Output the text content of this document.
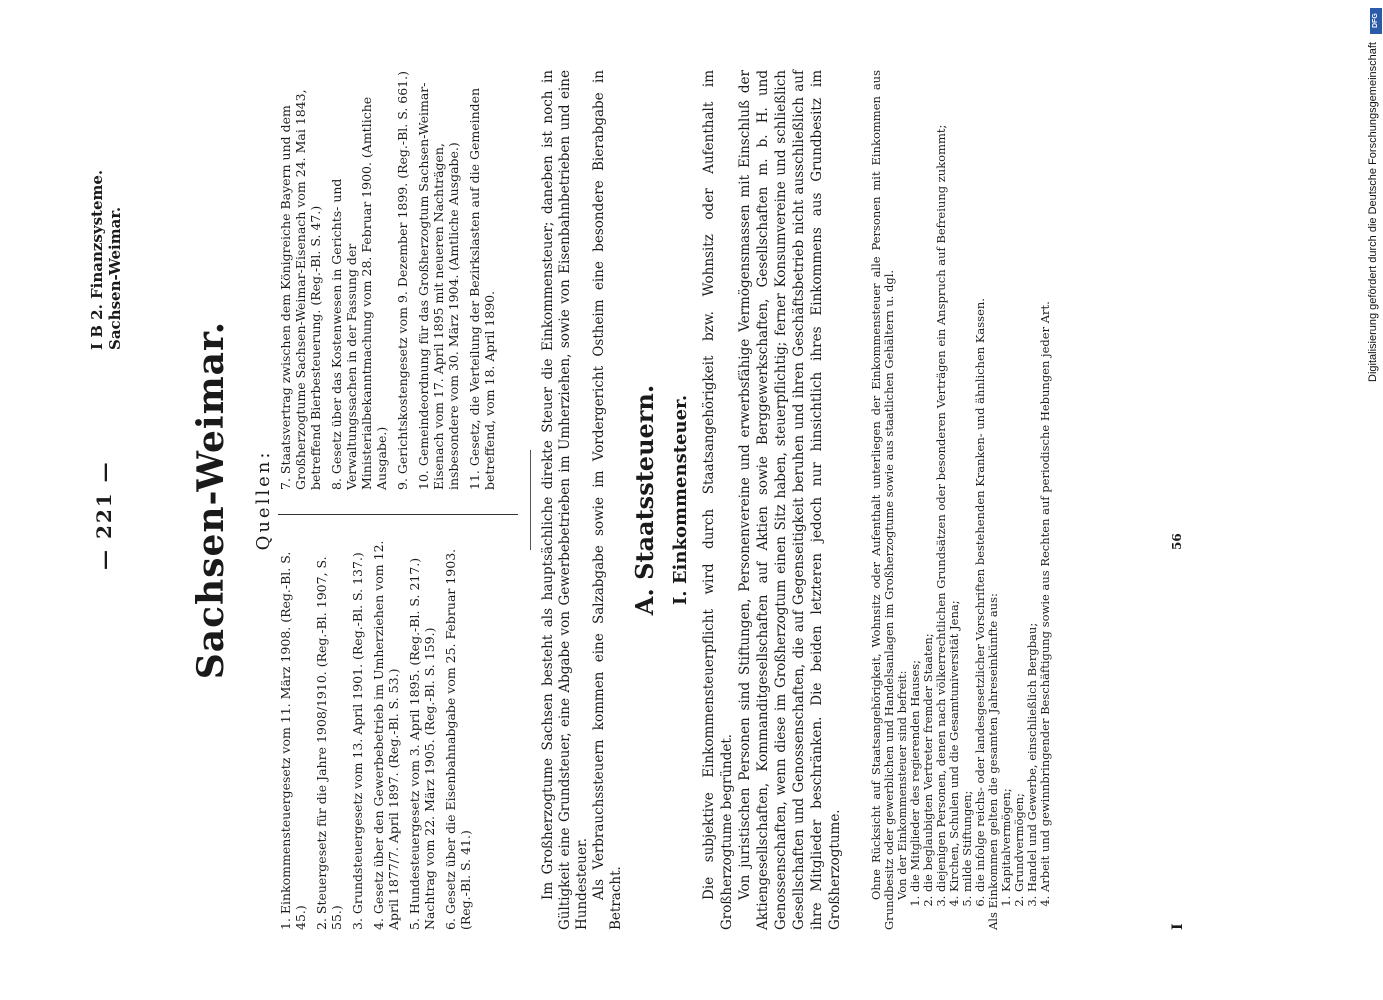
— 221 —
I B 2. Finanzsysteme. Sachsen-Weimar.
Sachsen-Weimar. Quellen:
1. Einkommensteuergesetz vom 11. März 1908. (Reg.-Bl. S. 45.) 2. Steuergesetz für die Jahre 1908/1910. (Reg.-Bl. 1907, S. 55.) 3. Grundsteuergesetz vom 13. April 1901. (Reg.-Bl. S. 137.) 4. Gesetz über den Gewerbebetrieb im Umherziehen vom 12. April 1877/7. April 1897. (Reg.-Bl. S. 53.) 5. Hundesteuergesetz vom 3. April 1895. (Reg.-Bl. S. 217.) Nachtrag vom 22. März 1905. (Reg.-Bl. S. 159.) 6. Gesetz über die Eisenbahnabgabe vom 25. Februar 1903. (Reg.-Bl. S. 41.)
7. Staatsvertrag zwischen dem Königreiche Bayern und dem Großherzogtume Sachsen-Weimar-Eisenach vom 24. Mai 1843, betreffend Bierbesteuerung. (Reg.-Bl. S. 47.) 8. Gesetz über das Kostenwesen in Gerichts- und Verwaltungssachen in der Fassung der Ministerialbekanntmachung vom 28. Februar 1900. (Amtliche Ausgabe.) 9. Gerichtskostengesetz vom 9. Dezember 1899. (Reg.-Bl. S. 661.) 10. Gemeindeordnung für das Großherzogtum Sachsen-Weimar-Eisenach vom 17. April 1895 mit neueren Nachträgen, insbesondere vom 30. März 1904. (Amtliche Ausgabe.) 11. Gesetz, die Verteilung der Bezirkslasten auf die Gemeinden betreffend, vom 18. April 1890.	Im Großherzogtume Sachsen besteht als hauptsächliche direkte Steuer die Einkommensteuer; daneben ist noch in Gültigkeit eine Grundsteuer, eine Abgabe von Gewerbebetrieben im Umherziehen, sowie von Eisenbahnbetrieben und eine Hundesteuer. Als Verbrauchssteuern kommen eine Salzabgabe sowie im Vordergericht Ostheim eine besondere Bierabgabe in Betracht.

A. Staatssteuern. I. Einkommensteuer. Die subjektive Einkommensteuerpflicht wird durch Staatsangehörigkeit bzw. Wohnsitz oder Aufenthalt im Großherzogtume begründet. Von juristischen Personen sind Stiftungen, Personenvereine und erwerbsfähige Vermögensmassen mit Einschluß der Aktiengesellschaften, Kommanditgesellschaften auf Aktien sowie Berggewerkschaften, Gesellschaften m. b. H. und Genossenschaften, wenn diese im Großherzogtum einen Sitz haben, steuerpflichtig; ferner Konsumvereine und schließlich Gesellschaften und Genossenschaften, die auf Gegenseitigkeit beruhen und ihren Geschäftsbetrieb nicht ausschließlich auf ihre Mitglieder beschränken. Die beiden letzteren jedoch nur hinsichtlich ihres Einkommens aus Grundbesitz im Großherzogtume. Ohne Rücksicht auf Staatsangehörigkeit, Wohnsitz oder Aufenthalt unterliegen der Einkommensteuer alle Personen mit Einkommen aus Grundbesitz oder gewerblichen und Handelsanlagen im Großherzogtume sowie aus staatlichen Gehältern u. dgl. Von der Einkommensteuer sind befreit: 1. die Mitglieder des regierenden Hauses; 2. die beglaubigten Vertreter fremder Staaten; 3. diejenigen Personen, denen nach völkerrechtlichen Grundsätzen oder besonderen Verträgen ein Anspruch auf Befreiung zukommt; 4. Kirchen, Schulen und die Gesamtuniversität Jena; 5. milde Stiftungen; 6. die infolge reichs- oder landesgesetzlicher Vorschriften bestehenden Kranken- und ähnlichen Kassen. Als Einkommen gelten die gesamten Jahreseinkünfte aus: 1. Kapitalvermögen; 2. Grundvermögen; 3. Handel und Gewerbe, einschließlich Bergbau; 4. Arbeit und gewinnbringender Beschäftigung sowie aus Rechten auf periodische Hebungen jeder Art.
I
56
DFG
Digitalisierung gefördert durch die Deutsche Forschungsgemeinschaft
